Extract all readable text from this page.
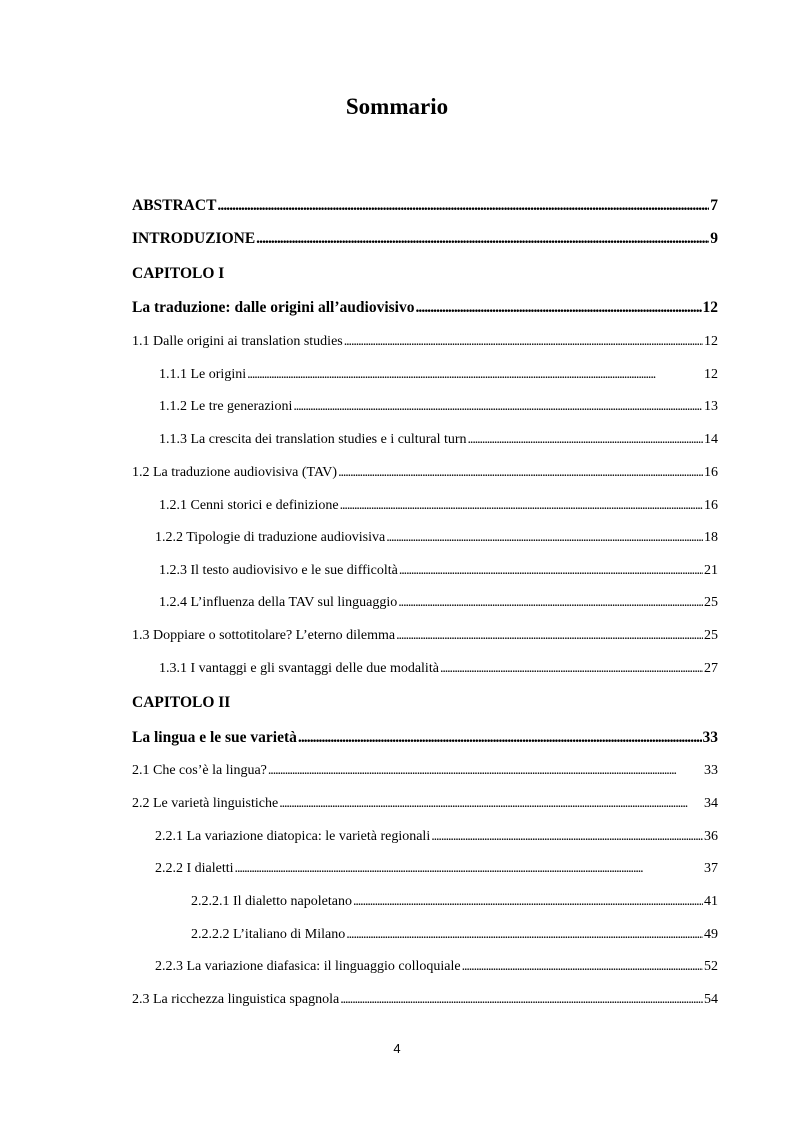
Sommario
ABSTRACT . . .	7
INTRODUZIONE . . .	9
CAPITOLO I
La traduzione: dalle origini all’audiovisivo . . .	12
1.1 Dalle origini ai translation studies . . .	12
1.1.1 Le origini . . .	12
1.1.2 Le tre generazioni . . .	13
1.1.3 La crescita dei translation studies e i cultural turn . . .	14
1.2 La traduzione audiovisiva (TAV) . . .	16
1.2.1 Cenni storici e definizione . . .	16
1.2.2 Tipologie di traduzione audiovisiva . . .	18
1.2.3 Il testo audiovisivo e le sue difficoltà . . .	21
1.2.4 L’influenza della TAV sul linguaggio . . .	25
1.3 Doppiare o sottotitolare? L’eterno dilemma . . .	25
1.3.1 I vantaggi e gli svantaggi delle due modalità . . .	27
CAPITOLO II
La lingua e le sue varietà . . .	33
2.1 Che cos’è la lingua? . . .	33
2.2 Le varietà linguistiche . . .	34
2.2.1 La variazione diatopica: le varietà regionali . . .	36
2.2.2 I dialetti . . .	37
2.2.2.1 Il dialetto napoletano . . .	41
2.2.2.2 L’italiano di Milano . . .	49
2.2.3 La variazione diafasica: il linguaggio colloquiale . . .	52
2.3 La ricchezza linguistica spagnola . . .	54
4
